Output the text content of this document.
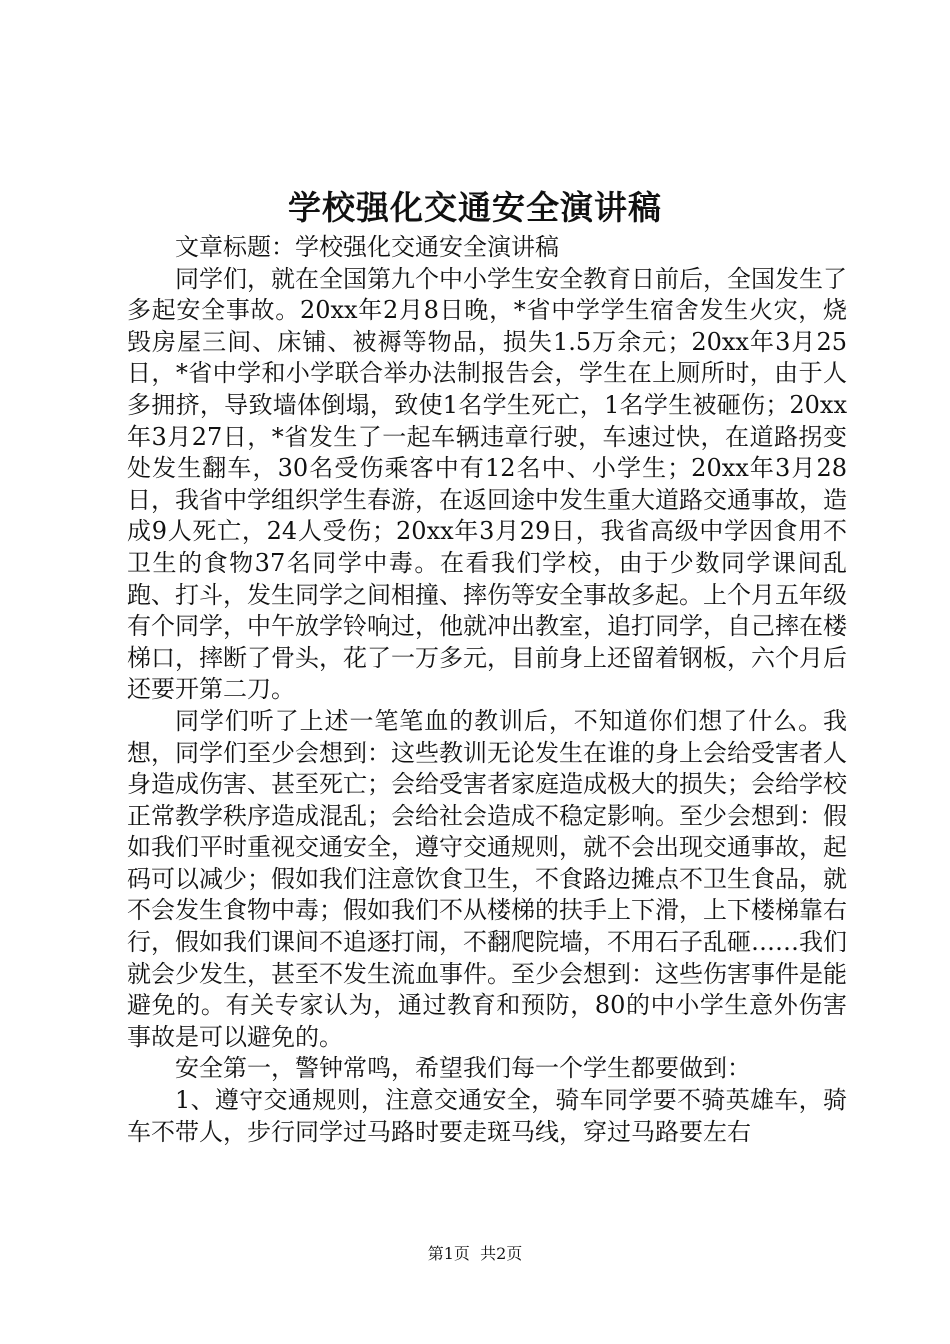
学校强化交通安全演讲稿

文章标题：学校强化交通安全演讲稿

同学们，就在全国第九个中小学生安全教育日前后，全国发生了多起安全事故。20xx年2月8日晚，*省中学学生宿舍发生火灾，烧毁房屋三间、床铺、被褥等物品，损失1.5万余元；20xx年3月25日，*省中学和小学联合举办法制报告会，学生在上厕所时，由于人多拥挤，导致墙体倒塌，致使1名学生死亡，1名学生被砸伤；20xx年3月27日，*省发生了一起车辆违章行驶，车速过快，在道路拐变处发生翻车，30名受伤乘客中有12名中、小学生；20xx年3月28日，我省中学组织学生春游，在返回途中发生重大道路交通事故，造成9人死亡，24人受伤；20xx年3月29日，我省高级中学因食用不卫生的食物37名同学中毒。在看我们学校，由于少数同学课间乱跑、打斗，发生同学之间相撞、摔伤等安全事故多起。上个月五年级有个同学，中午放学铃响过，他就冲出教室，追打同学，自己摔在楼梯口，摔断了骨头，花了一万多元，目前身上还留着钢板，六个月后还要开第二刀。

同学们听了上述一笔笔血的教训后，不知道你们想了什么。我想，同学们至少会想到：这些教训无论发生在谁的身上会给受害者人身造成伤害、甚至死亡；会给受害者家庭造成极大的损失；会给学校正常教学秩序造成混乱；会给社会造成不稳定影响。至少会想到：假如我们平时重视交通安全，遵守交通规则，就不会出现交通事故，起码可以减少；假如我们注意饮食卫生，不食路边摊点不卫生食品，就不会发生食物中毒；假如我们不从楼梯的扶手上下滑，上下楼梯靠右行，假如我们课间不追逐打闹，不翻爬院墙，不用石子乱砸……我们就会少发生，甚至不发生流血事件。至少会想到：这些伤害事件是能避免的。有关专家认为，通过教育和预防，80的中小学生意外伤害事故是可以避免的。

安全第一，警钟常鸣，希望我们每一个学生都要做到：

1、遵守交通规则，注意交通安全，骑车同学要不骑英雄车，骑车不带人，步行同学过马路时要走斑马线，穿过马路要左右

第1页 共2页
